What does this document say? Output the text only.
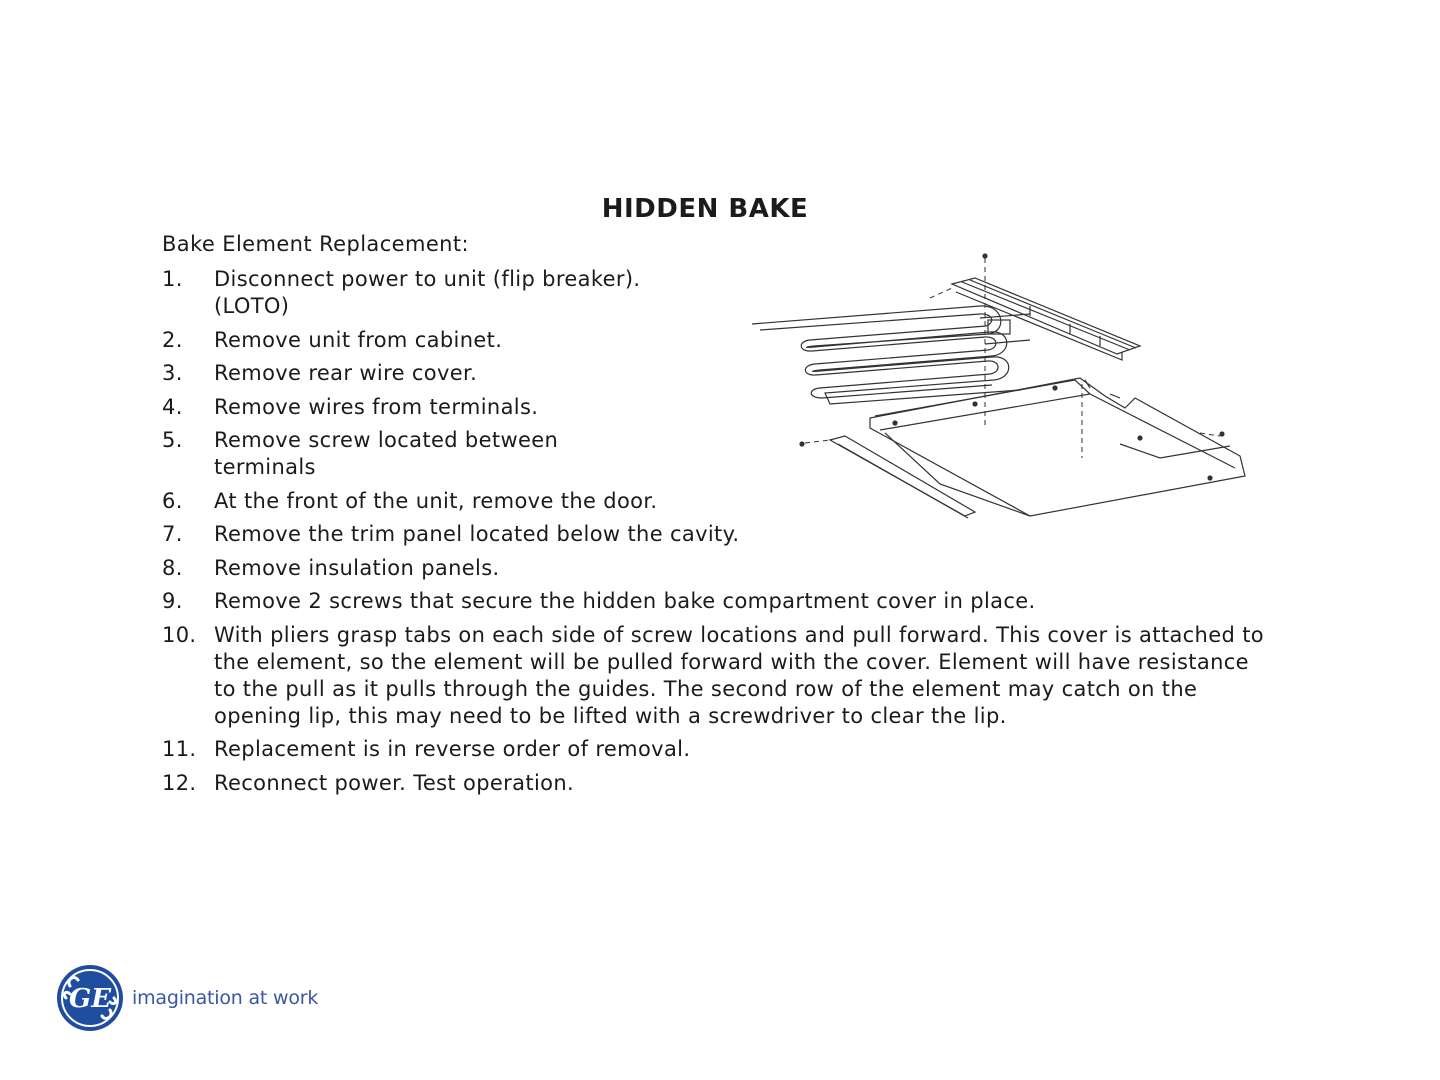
HIDDEN BAKE
Bake Element Replacement:
1.	Disconnect power to unit (flip breaker). (LOTO)
2.	Remove unit from cabinet.
3.	Remove rear wire cover.
4.	Remove wires from terminals.
5.	Remove screw located between terminals
6.	At the front of the unit, remove the door.
7.	Remove the trim panel located below the cavity.
8.	Remove insulation panels.
9.	Remove 2 screws that secure the hidden bake compartment cover in place.
10. With pliers grasp tabs on each side of screw locations and pull forward. This cover is attached to the element, so the element will be pulled forward with the cover. Element will have resistance to the pull as it pulls through the guides. The second row of the element may catch on the opening lip, this may need to be lifted with a screwdriver to clear the lip.
11. Replacement is in reverse order of removal.
12. Reconnect power. Test operation.
GE imagination at work
